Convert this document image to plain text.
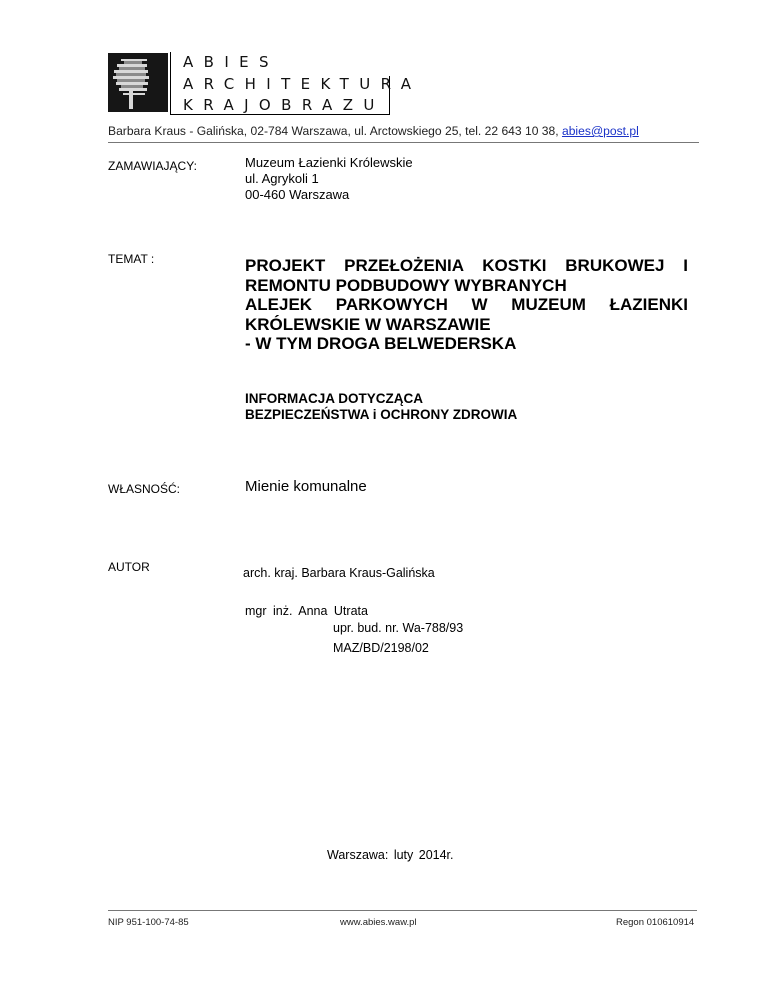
ABIES
ARCHITEKTURA
KRAJOBRAZU
Barbara Kraus - Galińska, 02-784 Warszawa, ul. Arctowskiego 25, tel. 22 643 10 38, abies@post.pl
ZAMAWIAJĄCY:	Muzeum Łazienki Królewskie
ul. Agrykoli 1
00-460 Warszawa
TEMAT :	PROJEKT PRZEŁOŻENIA KOSTKI BRUKOWEJ I
REMONTU PODBUDOWY WYBRANYCH
ALEJEK PARKOWYCH W MUZEUM ŁAZIENKI
KRÓLEWSKIE W WARSZAWIE
- W TYM DROGA BELWEDERSKA
INFORMACJA DOTYCZĄCA
BEZPIECZEŃSTWA i OCHRONY ZDROWIA
WŁASNOŚĆ:	Mienie komunalne
AUTOR	arch. kraj. Barbara Kraus-Galińska
mgr inż. Anna Utrata
upr. bud. nr. Wa-788/93
MAZ/BD/2198/02
Warszawa: luty 2014r.
NIP 951-100-74-85	www.abies.waw.pl	Regon 010610914
